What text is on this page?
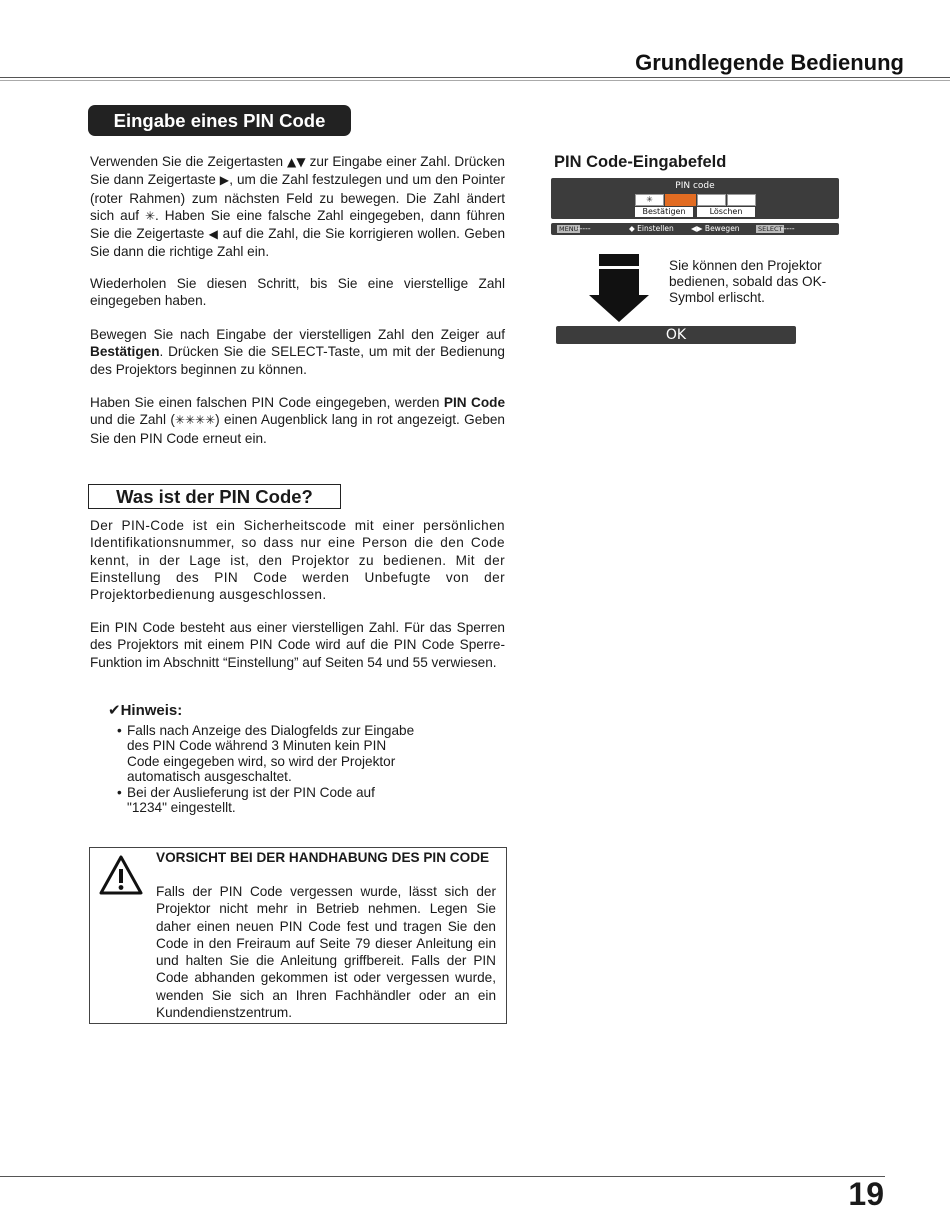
Grundlegende Bedienung
Eingabe eines PIN Code

Verwenden Sie die Zeigertasten ▲▼ zur Eingabe einer Zahl. Drücken Sie dann Zeigertaste ▶, um die Zahl festzulegen und um den Pointer (roter Rahmen) zum nächsten Feld zu bewegen. Die Zahl ändert sich auf ✳. Haben Sie eine falsche Zahl eingegeben, dann führen Sie die Zeigertaste ◀ auf die Zahl, die Sie korrigieren wollen. Geben Sie dann die richtige Zahl ein.

Wiederholen Sie diesen Schritt, bis Sie eine vierstellige Zahl eingegeben haben.

Bewegen Sie nach Eingabe der vierstelligen Zahl den Zeiger auf Bestätigen. Drücken Sie die SELECT-Taste, um mit der Bedienung des Projektors beginnen zu können.

Haben Sie einen falschen PIN Code eingegeben, werden PIN Code und die Zahl (✳✳✳✳) einen Augenblick lang in rot angezeigt. Geben Sie den PIN Code erneut ein.

Was ist der PIN Code?

Der PIN-Code ist ein Sicherheitscode mit einer persönlichen Identifikationsnummer, so dass nur eine Person die den Code kennt, in der Lage ist, den Projektor zu bedienen. Mit der Einstellung des PIN Code werden Unbefugte von der Projektorbedienung ausgeschlossen.

Ein PIN Code besteht aus einer vierstelligen Zahl. Für das Sperren des Projektors mit einem PIN Code wird auf die PIN Code Sperre-Funktion im Abschnitt “Einstellung” auf Seiten 54 und 55 verwiesen.

✔Hinweis:
• Falls nach Anzeige des Dialogfelds zur Eingabe des PIN Code während 3 Minuten kein PIN Code eingegeben wird, so wird der Projektor automatisch ausgeschaltet.
• Bei der Auslieferung ist der PIN Code auf "1234" eingestellt.
VORSICHT BEI DER HANDHABUNG DES PIN CODE

Falls der PIN Code vergessen wurde, lässt sich der Projektor nicht mehr in Betrieb nehmen. Legen Sie daher einen neuen PIN Code fest und tragen Sie den Code in den Freiraum auf Seite 79 dieser Anleitung ein und halten Sie die Anleitung griffbereit. Falls der PIN Code abhanden gekommen ist oder vergessen wurde, wenden Sie sich an Ihren Fachhändler oder an ein Kundendienstzentrum.

PIN Code-Eingabefeld
PIN code
✳
Bestätigen	Löschen
MENU
-----	◆ Einstellen ◀▶ Bewegen	SELECT
-----
OK

Sie können den Projektor bedienen, sobald das OK-Symbol erlischt.

19
